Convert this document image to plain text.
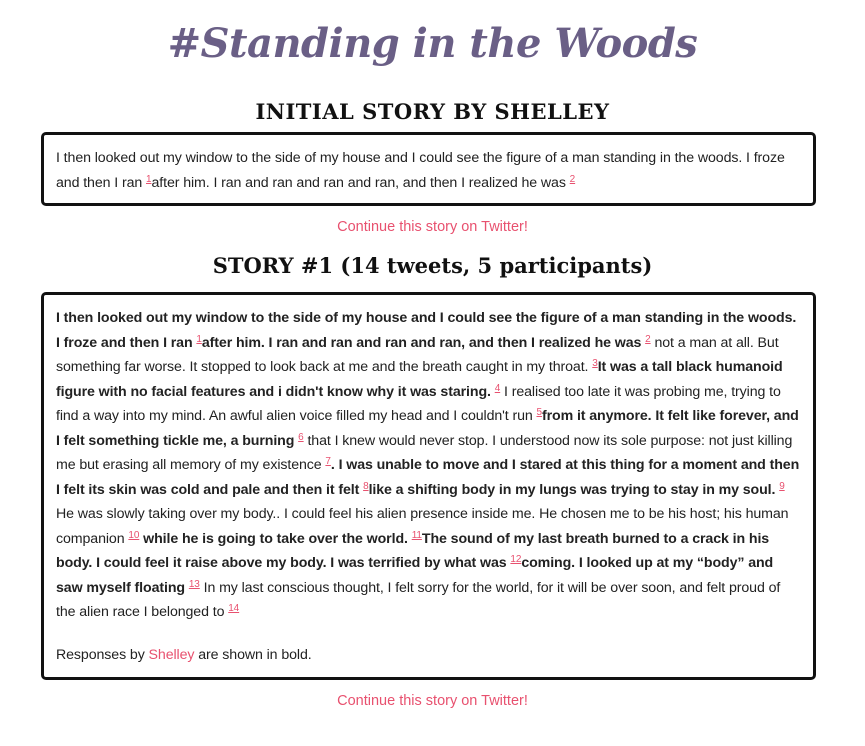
#Standing in the Woods
INITIAL STORY BY SHELLEY

I then looked out my window to the side of my house and I could see the figure of a man standing in the woods. I froze and then I ran $^1$after him. I ran and ran and ran and ran, and then I realized he was $^2$

Continue this story on Twitter!
STORY #1 (14 tweets, 5 participants)

I then looked out my window to the side of my house and I could see the figure of a man standing in the woods. I froze and then I ran $^1$after him. I ran and ran and ran and ran, and then I realized he was $^2$ not a man at all. But something far worse. It stopped to look back at me and the breath caught in my throat. $^3$It was a tall black humanoid figure with no facial features and i didn't know why it was staring. $^4$ I realised too late it was probing me, trying to find a way into my mind. An awful alien voice filled my head and I couldn't run $^5$from it anymore. It felt like forever, and I felt something tickle me, a burning $^6$ that I knew would never stop. I understood now its sole purpose: not just killing me but erasing all memory of my existence $^7$. I was unable to move and I stared at this thing for a moment and then I felt its skin was cold and pale and then it felt $^8$like a shifting body in my lungs was trying to stay in my soul. $^9$ He was slowly taking over my body.. I could feel his alien presence inside me. He chosen me to be his host; his human companion $^{10}$ while he is going to take over the world. $^{11}$The sound of my last breath burned to a crack in his body. I could feel it raise above my body. I was terrified by what was $^{12}$coming. I looked up at my “body” and saw myself floating $^{13}$ In my last conscious thought, I felt sorry for the world, for it will be over soon, and felt proud of the alien race I belonged to $^{14}$

Responses by Shelley are shown in bold.

Continue this story on Twitter!
